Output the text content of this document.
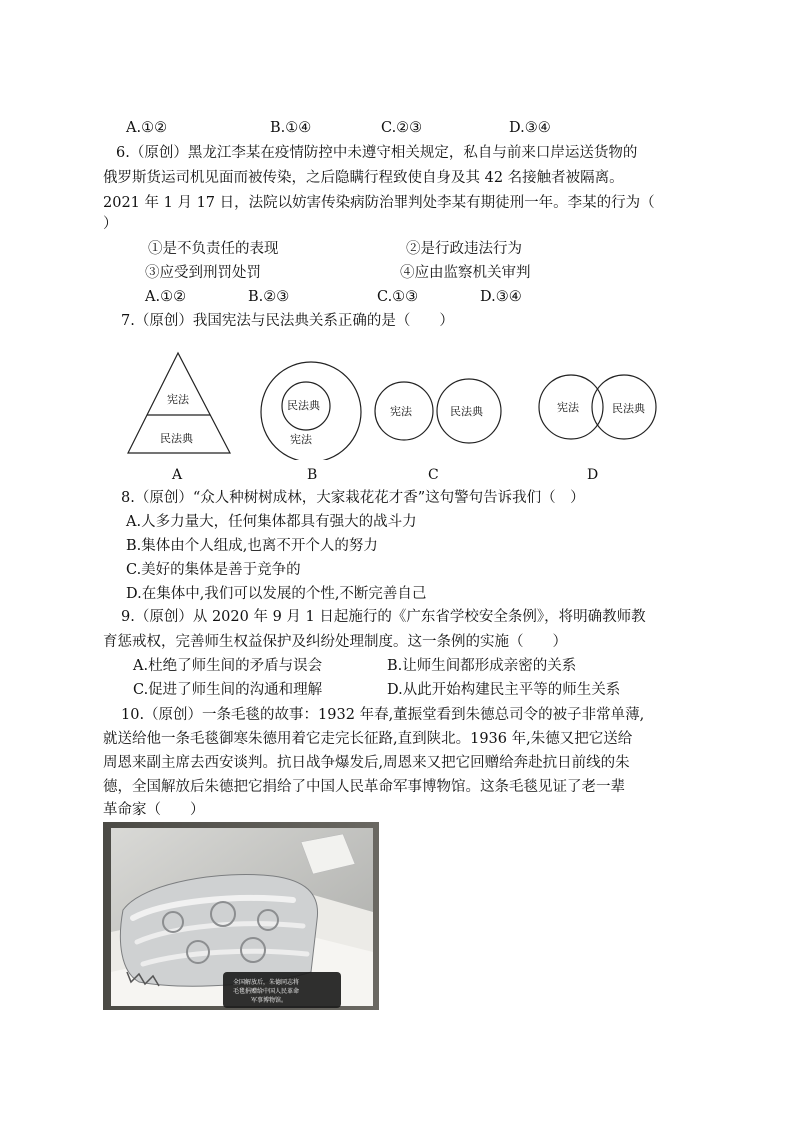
A.①②	B.①④	C.②③	D.③④
6.（原创）黑龙江李某在疫情防控中未遵守相关规定，私自与前来口岸运送货物的
俄罗斯货运司机见面而被传染，之后隐瞒行程致使自身及其 42 名接触者被隔离。
2021 年 1 月 17 日，法院以妨害传染病防治罪判处李某有期徒刑一年。李某的行为（
）
①是不负责任的表现	②是行政违法行为
③应受到刑罚处罚	④应由监察机关审判
A.①②	B.②③	C.①③	D.③④
7.（原创）我国宪法与民法典关系正确的是（　　）
宪法
民法典
民法典
宪法
宪法	民法典	宪法	民法典
A	B	C	D
8.（原创）“众人种树树成林，大家栽花花才香”这句警句告诉我们（　）
A.人多力量大，任何集体都具有强大的战斗力
B.集体由个人组成,也离不开个人的努力
C.美好的集体是善于竞争的
D.在集体中,我们可以发展的个性,不断完善自己
9.（原创）从 2020 年 9 月 1 日起施行的《广东省学校安全条例》，将明确教师教
育惩戒权，完善师生权益保护及纠纷处理制度。这一条例的实施（　　）
A.杜绝了师生间的矛盾与误会	B.让师生间都形成亲密的关系
C.促进了师生间的沟通和理解	D.从此开始构建民主平等的师生关系
10.（原创）一条毛毯的故事：1932 年春,董振堂看到朱德总司令的被子非常单薄,
就送给他一条毛毯御寒朱德用着它走完长征路,直到陕北。1936 年,朱德又把它送给
周恩来副主席去西安谈判。抗日战争爆发后,周恩来又把它回赠给奔赴抗日前线的朱
德，全国解放后朱德把它捐给了中国人民革命军事博物馆。这条毛毯见证了老一辈
革命家（　　）
全国解放后，朱德同志将
毛毯捐赠给中国人民革命
军事博物馆。
